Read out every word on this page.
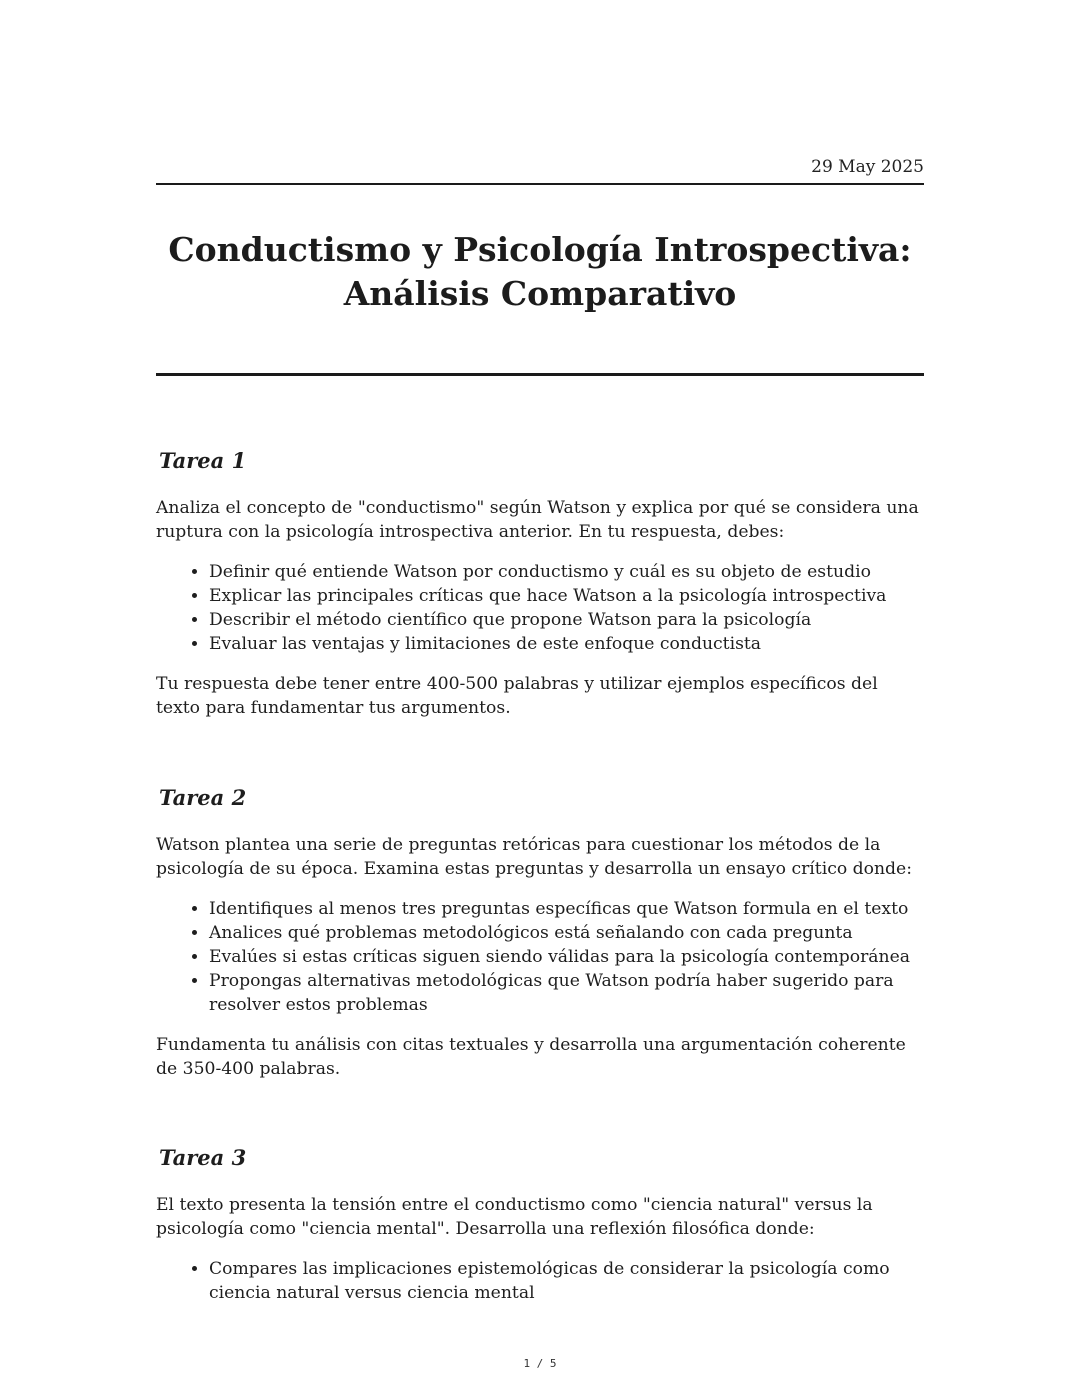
29 May 2025
Conductismo y Psicología Introspectiva:
Análisis Comparativo
Tarea 1

Analiza el concepto de "conductismo" según Watson y explica por qué se considera una ruptura con la psicología introspectiva anterior. En tu respuesta, debes:

• Definir qué entiende Watson por conductismo y cuál es su objeto de estudio
• Explicar las principales críticas que hace Watson a la psicología introspectiva
• Describir el método científico que propone Watson para la psicología
• Evaluar las ventajas y limitaciones de este enfoque conductista

Tu respuesta debe tener entre 400-500 palabras y utilizar ejemplos específicos del texto para fundamentar tus argumentos.

Tarea 2

Watson plantea una serie de preguntas retóricas para cuestionar los métodos de la psicología de su época. Examina estas preguntas y desarrolla un ensayo crítico donde:

• Identifiques al menos tres preguntas específicas que Watson formula en el texto
• Analices qué problemas metodológicos está señalando con cada pregunta
• Evalúes si estas críticas siguen siendo válidas para la psicología contemporánea
• Propongas alternativas metodológicas que Watson podría haber sugerido para resolver estos problemas

Fundamenta tu análisis con citas textuales y desarrolla una argumentación coherente de 350-400 palabras.

Tarea 3

El texto presenta la tensión entre el conductismo como "ciencia natural" versus la psicología como "ciencia mental". Desarrolla una reflexión filosófica donde:

• Compares las implicaciones epistemológicas de considerar la psicología como ciencia natural versus ciencia mental
1 / 5
